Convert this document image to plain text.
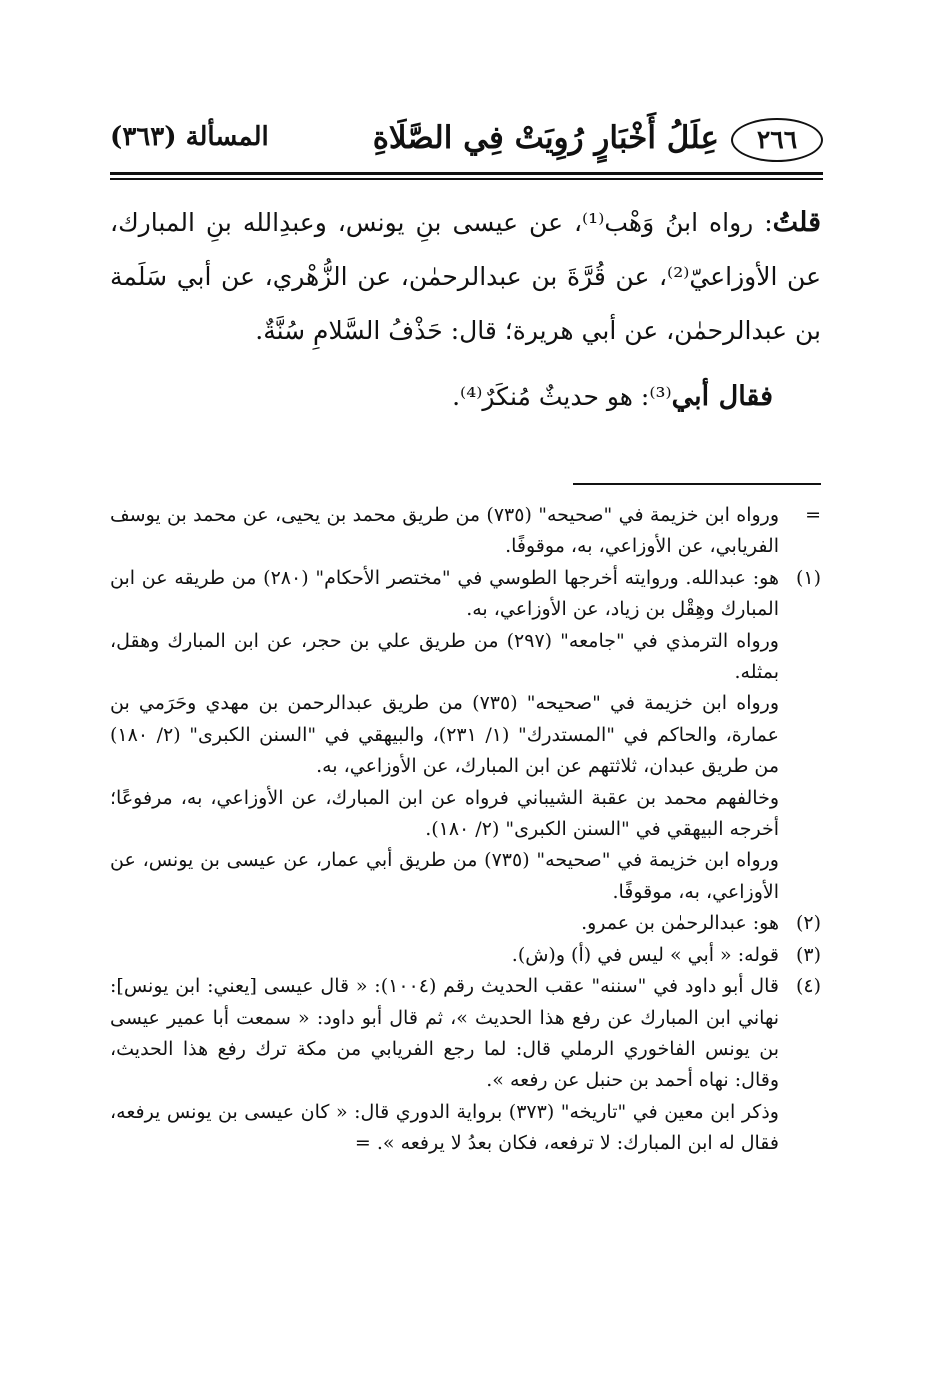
٢٦٦
عِلَلُ أَخْبَارٍ رُوِيَتْ فِي الصَّلَاةِ
المسألة (٣٦٣)

قلتُ: رواه ابنُ وَهْب⁽¹⁾، عن عيسى بنِ يونس، وعبدِالله بنِ المبارك، عن الأوزاعيّ⁽²⁾، عن قُرَّةَ بن عبدالرحمٰن، عن الزُّهْري، عن أبي سَلَمة بن عبدالرحمٰن، عن أبي هريرة؛ قال: حَذْفُ السَّلامِ سُنَّةٌ.

فقال أبي⁽³⁾: هو حديثٌ مُنكَرٌ⁽⁴⁾.

=

ورواه ابن خزيمة في "صحيحه" (٧٣٥) من طريق محمد بن يحيى، عن محمد بن يوسف الفريابي، عن الأوزاعي، به، موقوفًا.

(١)

هو: عبدالله. وروايته أخرجها الطوسي في "مختصر الأحكام" (٢٨٠) من طريقه عن ابن المبارك وهِقْل بن زياد، عن الأوزاعي، به.

ورواه الترمذي في "جامعه" (٢٩٧) من طريق علي بن حجر، عن ابن المبارك وهقل، بمثله.

ورواه ابن خزيمة في "صحيحه" (٧٣٥) من طريق عبدالرحمن بن مهدي وحَرَمي بن عمارة، والحاكم في "المستدرك" (١/ ٢٣١)، والبيهقي في "السنن الكبرى" (٢/ ١٨٠) من طريق عبدان، ثلاثتهم عن ابن المبارك، عن الأوزاعي، به.

وخالفهم محمد بن عقبة الشيباني فرواه عن ابن المبارك، عن الأوزاعي، به، مرفوعًا؛ أخرجه البيهقي في "السنن الكبرى" (٢/ ١٨٠).

ورواه ابن خزيمة في "صحيحه" (٧٣٥) من طريق أبي عمار، عن عيسى بن يونس، عن الأوزاعي، به، موقوفًا.

(٢)

هو: عبدالرحمٰن بن عمرو.

(٣)

قوله: « أبي » ليس في (أ) و(ش).

(٤)

قال أبو داود في "سننه" عقب الحديث رقم (١٠٠٤): « قال عيسى [يعني: ابن يونس]: نهاني ابن المبارك عن رفع هذا الحديث »، ثم قال أبو داود: « سمعت أبا عمير عيسى بن يونس الفاخوري الرملي قال: لما رجع الفريابي من مكة ترك رفع هذا الحديث، وقال: نهاه أحمد بن حنبل عن رفعه ».

وذكر ابن معين في "تاريخه" (٣٧٣) برواية الدوري قال: « كان عيسى بن يونس يرفعه، فقال له ابن المبارك: لا ترفعه، فكان بعدُ لا يرفعه ». =
